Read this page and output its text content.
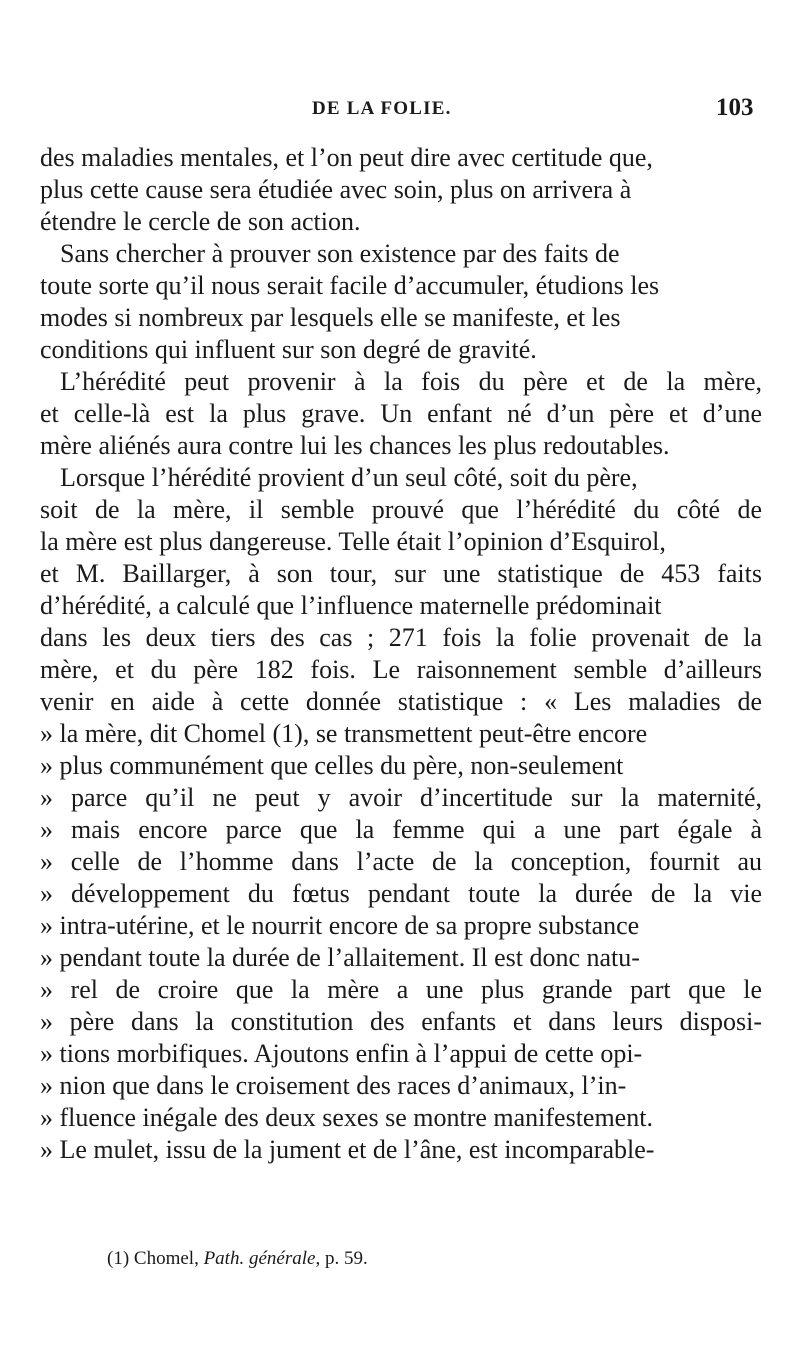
DE LA FOLIE.	103
des maladies mentales, et l’on peut dire avec certitude que,
plus cette cause sera étudiée avec soin, plus on arrivera à
étendre le cercle de son action.
Sans chercher à prouver son existence par des faits de
toute sorte qu’il nous serait facile d’accumuler, étudions les
modes si nombreux par lesquels elle se manifeste, et les
conditions qui influent sur son degré de gravité.
L’hérédité peut provenir à la fois du père et de la mère,
et celle-là est la plus grave. Un enfant né d’un père et d’une
mère aliénés aura contre lui les chances les plus redoutables.
Lorsque l’hérédité provient d’un seul côté, soit du père,
soit de la mère, il semble prouvé que l’hérédité du côté de
la mère est plus dangereuse. Telle était l’opinion d’Esquirol,
et M. Baillarger, à son tour, sur une statistique de 453 faits
d’hérédité, a calculé que l’influence maternelle prédominait
dans les deux tiers des cas ; 271 fois la folie provenait de la
mère, et du père 182 fois. Le raisonnement semble d’ailleurs
venir en aide à cette donnée statistique : « Les maladies de
» la mère, dit Chomel (1), se transmettent peut-être encore
» plus communément que celles du père, non-seulement
» parce qu’il ne peut y avoir d’incertitude sur la maternité,
» mais encore parce que la femme qui a une part égale à
» celle de l’homme dans l’acte de la conception, fournit au
» développement du fœtus pendant toute la durée de la vie
» intra-utérine, et le nourrit encore de sa propre substance
» pendant toute la durée de l’allaitement. Il est donc natu-
» rel de croire que la mère a une plus grande part que le
» père dans la constitution des enfants et dans leurs disposi-
» tions morbifiques. Ajoutons enfin à l’appui de cette opi-
» nion que dans le croisement des races d’animaux, l’in-
» fluence inégale des deux sexes se montre manifestement.
» Le mulet, issu de la jument et de l’âne, est incomparable-
(1) Chomel, Path. générale, p. 59.
